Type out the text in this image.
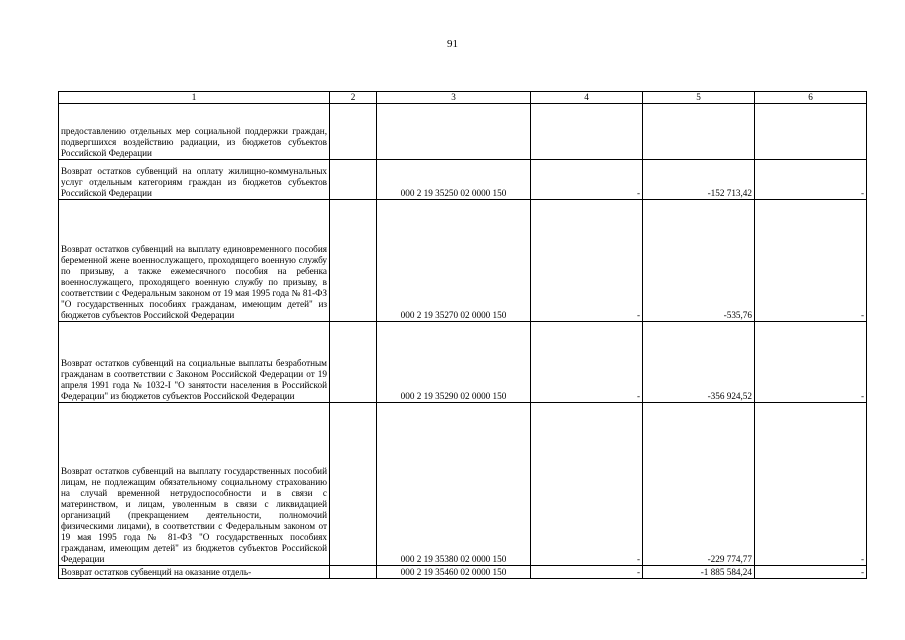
91
1	2	3	4	5	6
предоставлению отдельных мер социальной поддержки граждан, подвергшихся воздействию радиации, из бюджетов субъектов Российской Федерации					
Возврат остатков субвенций на оплату жилищно-коммунальных услуг отдельным категориям граждан из бюджетов субъектов Российской Федерации		000 2 19 35250 02 0000 150	-	-152 713,42	-
Возврат остатков субвенций на выплату единовременного пособия беременной жене военнослужащего, проходящего военную службу по призыву, а также ежемесячного пособия на ребенка военнослужащего, проходящего военную службу по призыву, в соответствии с Федеральным законом от 19 мая 1995 года № 81-ФЗ "О государственных пособиях гражданам, имеющим детей" из бюджетов субъектов Российской Федерации		000 2 19 35270 02 0000 150	-	-535,76	-
Возврат остатков субвенций на социальные выплаты безработным гражданам в соответствии с Законом Российской Федерации от 19 апреля 1991 года № 1032-I "О занятости населения в Российской Федерации" из бюджетов субъектов Российской Федерации		000 2 19 35290 02 0000 150	-	-356 924,52	-
Возврат остатков субвенций на выплату государственных пособий лицам, не подлежащим обязательному социальному страхованию на случай временной нетрудоспособности и в связи с материнством, и лицам, уволенным в связи с ликвидацией организаций (прекращением деятельности, полномочий физическими лицами), в соответствии с Федеральным законом от 19 мая 1995 года № 81-ФЗ "О государственных пособиях гражданам, имеющим детей" из бюджетов субъектов Российской Федерации		000 2 19 35380 02 0000 150	-	-229 774,77	-
Возврат остатков субвенций на оказание отдель-		000 2 19 35460 02 0000 150	-	-1 885 584,24	-
